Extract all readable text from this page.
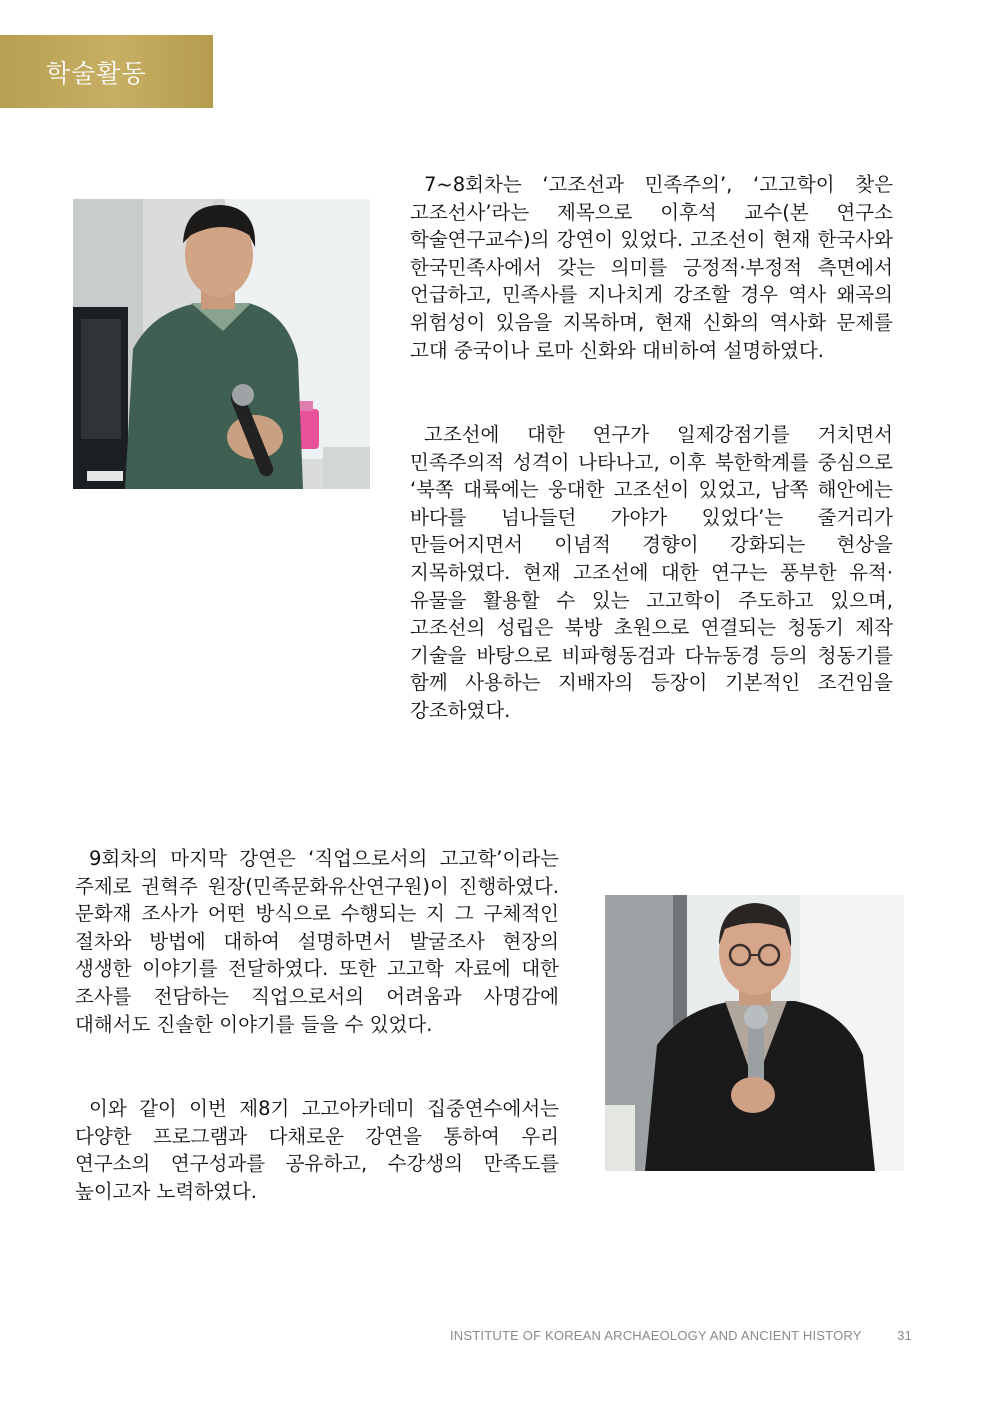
학술활동

7~8회차는 ‘고조선과 민족주의’, ‘고고학이 찾은 고조선사’라는 제목으로 이후석 교수(본 연구소 학술연구교수)의 강연이 있었다. 고조선이 현재 한국사와 한국민족사에서 갖는 의미를 긍정적·부정적 측면에서 언급하고, 민족사를 지나치게 강조할 경우 역사 왜곡의 위험성이 있음을 지목하며, 현재 신화의 역사화 문제를 고대 중국이나 로마 신화와 대비하여 설명하였다.

고조선에 대한 연구가 일제강점기를 거치면서 민족주의적 성격이 나타나고, 이후 북한학계를 중심으로 ‘북쪽 대륙에는 웅대한 고조선이 있었고, 남쪽 해안에는 바다를 넘나들던 가야가 있었다’는 줄거리가 만들어지면서 이념적 경향이 강화되는 현상을 지목하였다. 현재 고조선에 대한 연구는 풍부한 유적·유물을 활용할 수 있는 고고학이 주도하고 있으며, 고조선의 성립은 북방 초원으로 연결되는 청동기 제작 기술을 바탕으로 비파형동검과 다뉴동경 등의 청동기를 함께 사용하는 지배자의 등장이 기본적인 조건임을 강조하였다.

9회차의 마지막 강연은 ‘직업으로서의 고고학’이라는 주제로 권혁주 원장(민족문화유산연구원)이 진행하였다. 문화재 조사가 어떤 방식으로 수행되는 지 그 구체적인 절차와 방법에 대하여 설명하면서 발굴조사 현장의 생생한 이야기를 전달하였다. 또한 고고학 자료에 대한 조사를 전담하는 직업으로서의 어려움과 사명감에 대해서도 진솔한 이야기를 들을 수 있었다.

이와 같이 이번 제8기 고고아카데미 집중연수에서는 다양한 프로그램과 다채로운 강연을 통하여 우리 연구소의 연구성과를 공유하고, 수강생의 만족도를 높이고자 노력하였다.

INSTITUTE OF KOREAN ARCHAEOLOGY AND ANCIENT HISTORY	31
